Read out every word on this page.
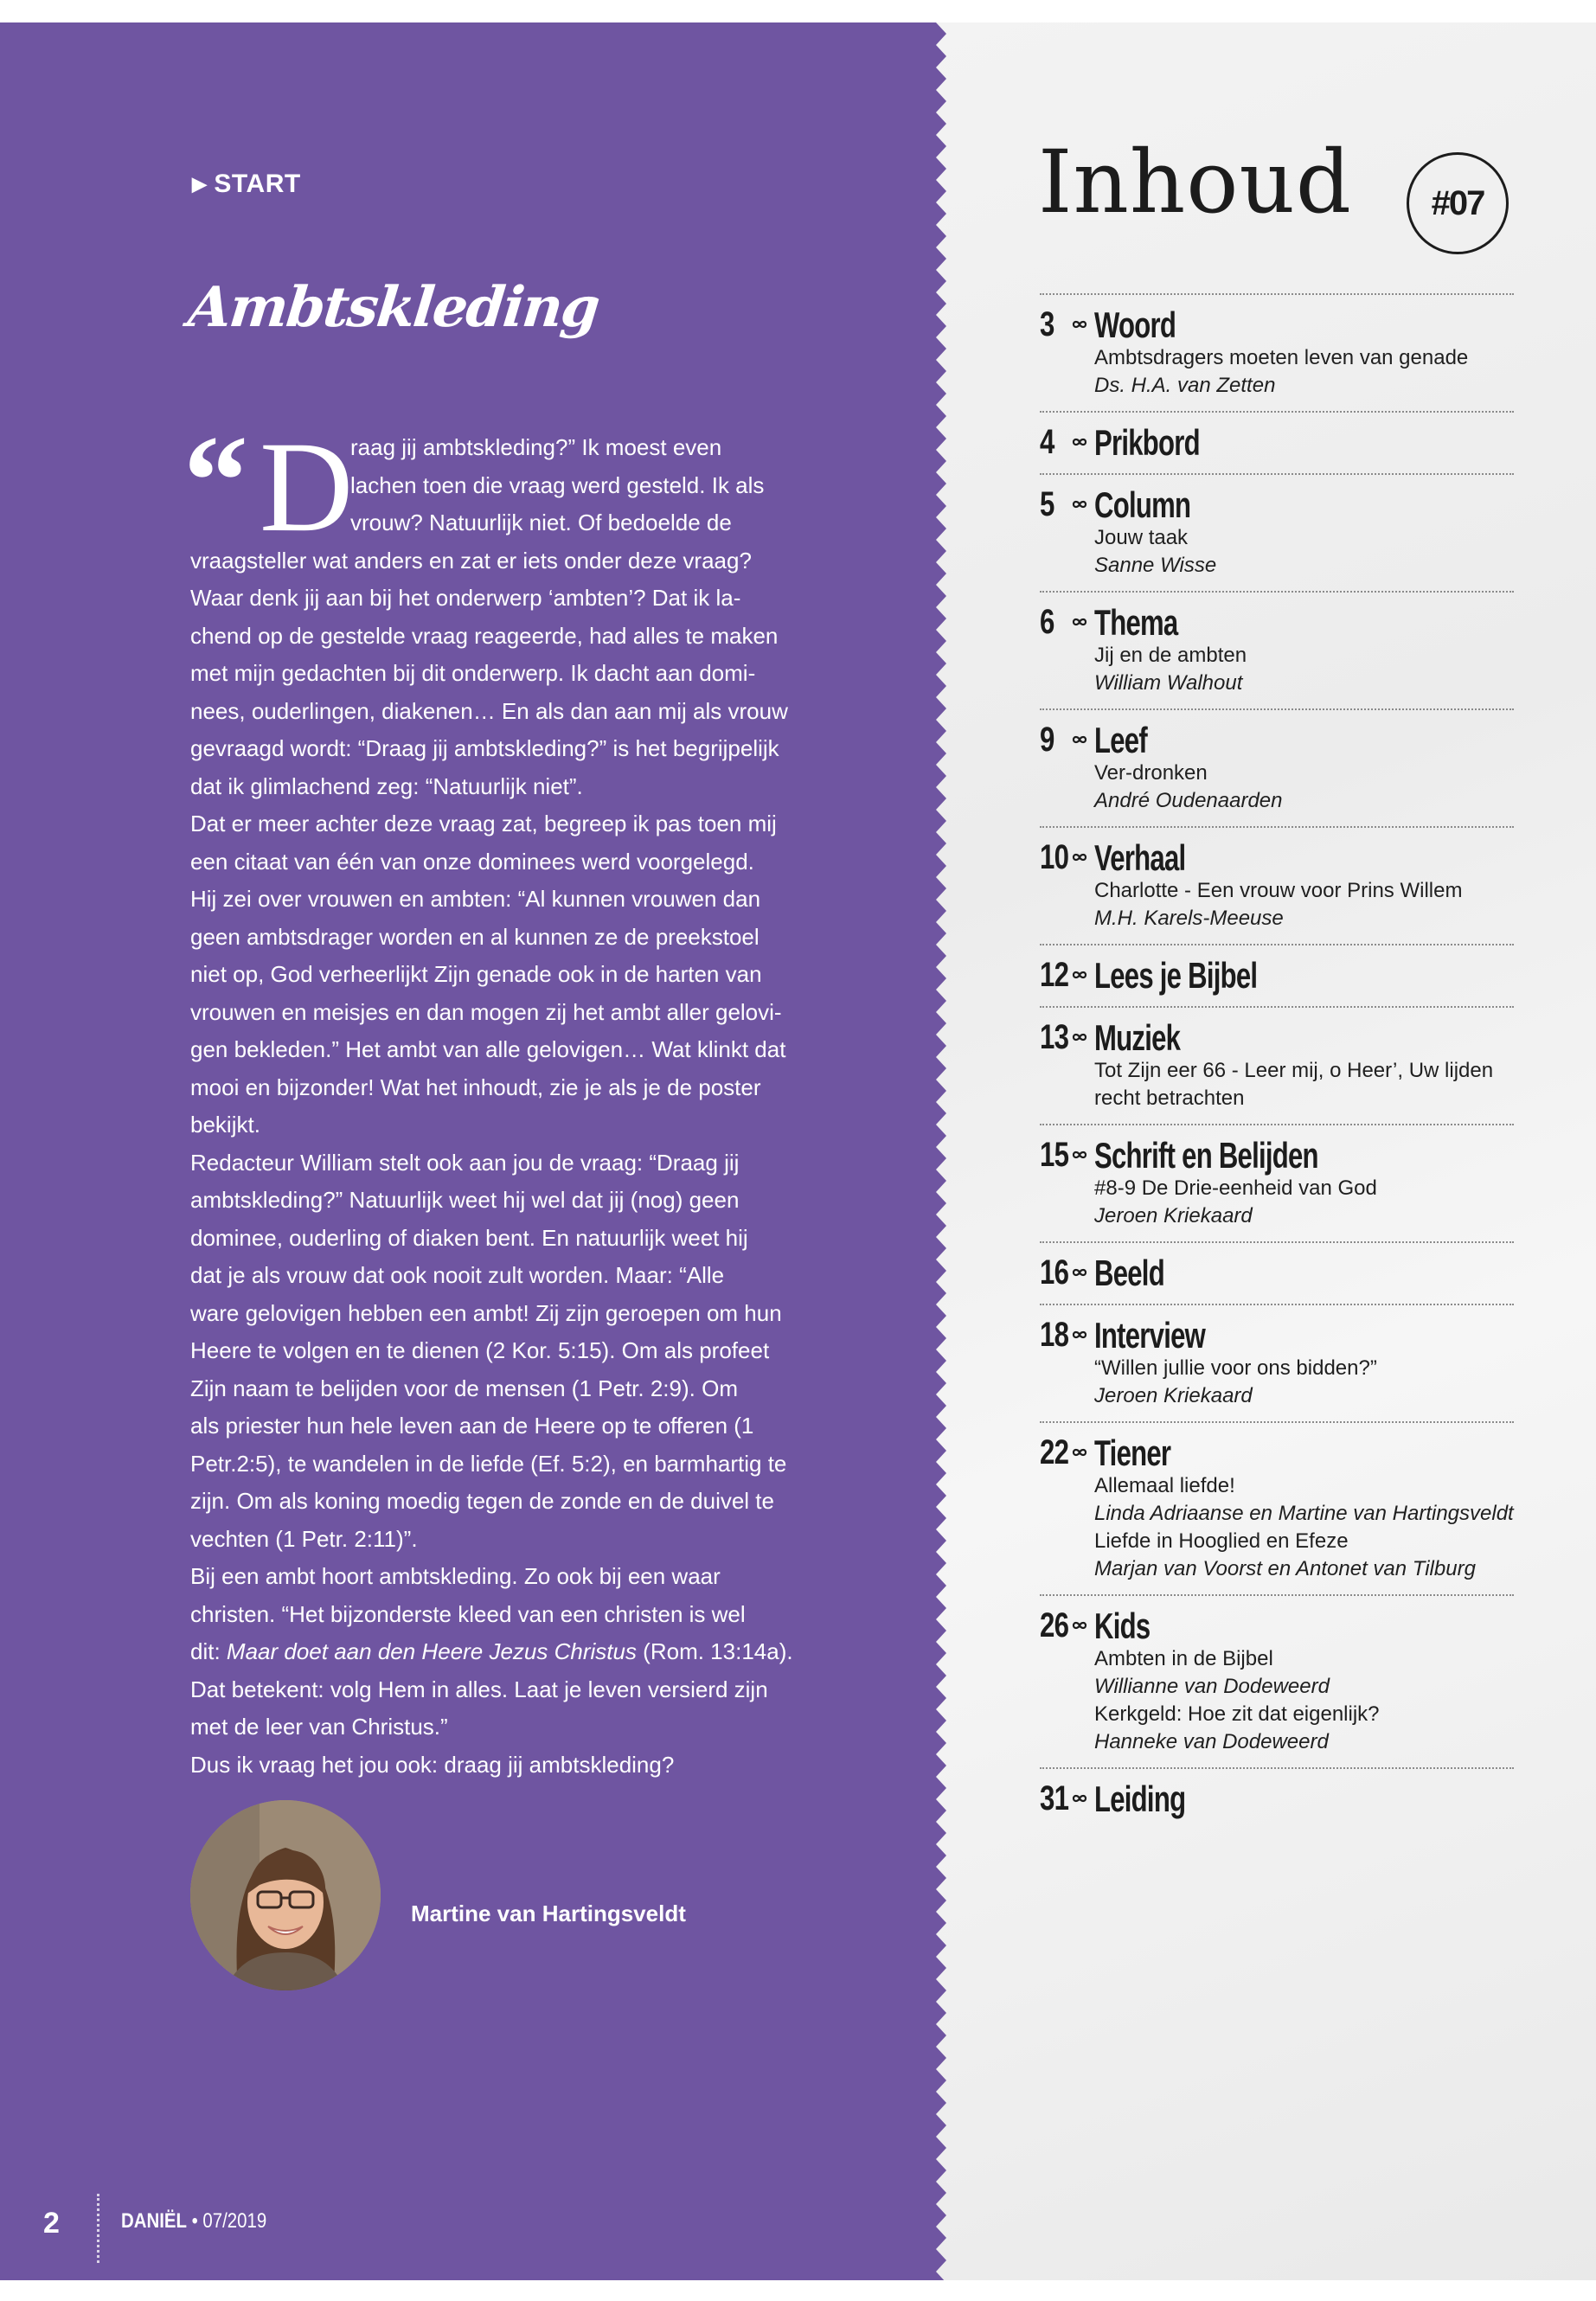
▶ START
Ambtskleding
“ D
raag jij ambtskleding?” Ik moest even
lachen toen die vraag werd gesteld. Ik als
vrouw? Natuurlijk niet. Of bedoelde de
vraagsteller wat anders en zat er iets onder deze vraag?
Waar denk jij aan bij het onderwerp ‘ambten’? Dat ik la-
chend op de gestelde vraag reageerde, had alles te maken
met mijn gedachten bij dit onderwerp. Ik dacht aan domi-
nees, ouderlingen, diakenen… En als dan aan mij als vrouw
gevraagd wordt: “Draag jij ambtskleding?” is het begrijpelijk
dat ik glimlachend zeg: “Natuurlijk niet”.
Dat er meer achter deze vraag zat, begreep ik pas toen mij
een citaat van één van onze dominees werd voorgelegd.
Hij zei over vrouwen en ambten: “Al kunnen vrouwen dan
geen ambtsdrager worden en al kunnen ze de preekstoel
niet op, God verheerlijkt Zijn genade ook in de harten van
vrouwen en meisjes en dan mogen zij het ambt aller gelovi-
gen bekleden.” Het ambt van alle gelovigen… Wat klinkt dat
mooi en bijzonder! Wat het inhoudt, zie je als je de poster
bekijkt.
Redacteur William stelt ook aan jou de vraag: “Draag jij
ambtskleding?” Natuurlijk weet hij wel dat jij (nog) geen
dominee, ouderling of diaken bent. En natuurlijk weet hij
dat je als vrouw dat ook nooit zult worden. Maar: “Alle
ware gelovigen hebben een ambt! Zij zijn geroepen om hun
Heere te volgen en te dienen (2 Kor. 5:15). Om als profeet
Zijn naam te belijden voor de mensen (1 Petr. 2:9). Om
als priester hun hele leven aan de Heere op te offeren (1
Petr.2:5), te wandelen in de liefde (Ef. 5:2), en barmhartig te
zijn. Om als koning moedig tegen de zonde en de duivel te
vechten (1 Petr. 2:11)”.
Bij een ambt hoort ambtskleding. Zo ook bij een waar
christen. “Het bijzonderste kleed van een christen is wel
dit: Maar doet aan den Heere Jezus Christus (Rom. 13:14a).
Dat betekent: volg Hem in alles. Laat je leven versierd zijn
met de leer van Christus.”
Dus ik vraag het jou ook: draag jij ambtskleding?
Martine van Hartingsveldt
2	DANIËL • 07/2019
Inhoud	#07
3 Woord
Ambtsdragers moeten leven van genade
Ds. H.A. van Zetten
4 Prikbord
5 Column
Jouw taak
Sanne Wisse
6 Thema
Jij en de ambten
William Walhout
9 Leef
Ver-dronken
André Oudenaarden
10 Verhaal
Charlotte - Een vrouw voor Prins Willem
M.H. Karels-Meeuse
12 Lees je Bijbel
13 Muziek
Tot Zijn eer 66 - Leer mij, o Heer’, Uw lijden
recht betrachten
15 Schrift en Belijden
#8-9 De Drie-eenheid van God
Jeroen Kriekaard
16 Beeld
18 Interview
“Willen jullie voor ons bidden?”
Jeroen Kriekaard
22 Tiener
Allemaal liefde!
Linda Adriaanse en Martine van Hartingsveldt
Liefde in Hooglied en Efeze
Marjan van Voorst en Antonet van Tilburg
26 Kids
Ambten in de Bijbel
Willianne van Dodeweerd
Kerkgeld: Hoe zit dat eigenlijk?
Hanneke van Dodeweerd
31 Leiding
